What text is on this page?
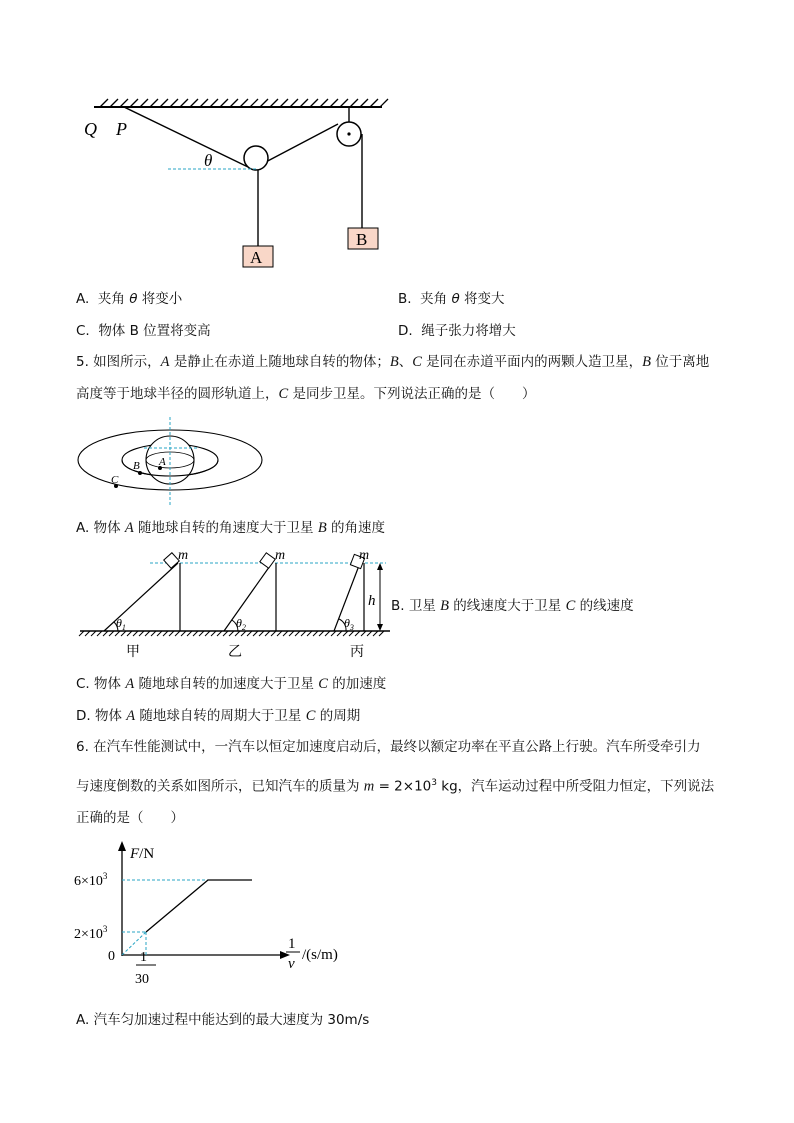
Q P
θ
A
B
A. 夹角 θ 将变小	B. 夹角 θ 将变大
C. 物体 B 位置将变高	D. 绳子张力将增大
5. 如图所示，A 是静止在赤道上随地球自转的物体；B、C 是同在赤道平面内的两颗人造卫星，B 位于离地
高度等于地球半径的圆形轨道上，C 是同步卫星。下列说法正确的是（　　）
A
B
C
A. 物体 A 随地球自转的角速度大于卫星 B 的角速度
h
m	m	m
$\theta_1$	$\theta_2$	$\theta_3$
甲	乙	丙
B. 卫星 B 的线速度大于卫星 C 的线速度
C. 物体 A 随地球自转的加速度大于卫星 C 的加速度
D. 物体 A 随地球自转的周期大于卫星 C 的周期
6. 在汽车性能测试中，一汽车以恒定加速度启动后，最终以额定功率在平直公路上行驶。汽车所受牵引力
与速度倒数的关系如图所示，已知汽车的质量为 $m = 2\times 10^3$ kg，汽车运动过程中所受阻力恒定，下列说法
正确的是（　　）
F/N
$6\times 10^3$
$2\times 10^3$
0 1
30
1
v
/(s/m)
A. 汽车匀加速过程中能达到的最大速度为 30m/s
